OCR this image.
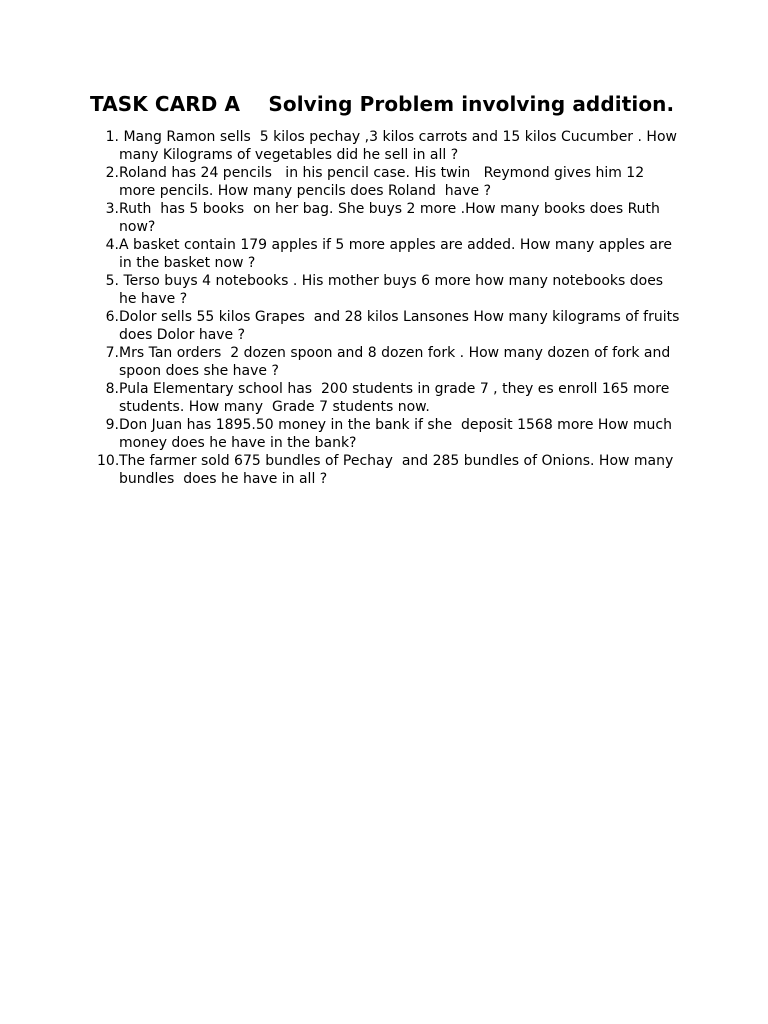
TASK CARD A    Solving Problem involving addition.
1. Mang Ramon sells  5 kilos pechay ,3 kilos carrots and 15 kilos Cucumber . How
many Kilograms of vegetables did he sell in all ?
2. Roland has 24 pencils   in his pencil case. His twin   Reymond gives him 12
more pencils. How many pencils does Roland  have ?
3. Ruth  has 5 books  on her bag. She buys 2 more .How many books does Ruth
now?
4. A basket contain 179 apples if 5 more apples are added. How many apples are
in the basket now ?
5. Terso buys 4 notebooks . His mother buys 6 more how many notebooks does
he have ?
6. Dolor sells 55 kilos Grapes  and 28 kilos Lansones How many kilograms of fruits
does Dolor have ?
7. Mrs Tan orders  2 dozen spoon and 8 dozen fork . How many dozen of fork and
spoon does she have ?
8. Pula Elementary school has  200 students in grade 7 , they es enroll 165 more
students. How many  Grade 7 students now.
9. Don Juan has 1895.50 money in the bank if she  deposit 1568 more How much
money does he have in the bank?
10. The farmer sold 675 bundles of Pechay  and 285 bundles of Onions. How many
bundles  does he have in all ?
